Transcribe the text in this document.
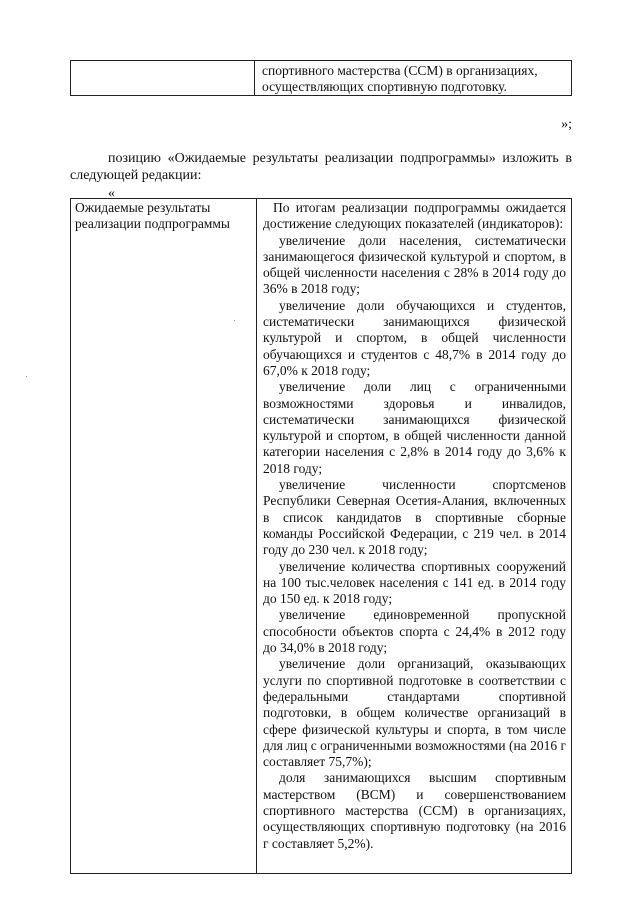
спортивного мастерства (ССМ) в организациях, осуществляющих спортивную подготовку.
»;
позицию «Ожидаемые результаты реализации подпрограммы» изложить в следующей редакции:
«
Ожидаемые результаты реализации подпрограммы

По итогам реализации подпрограммы ожидается достижение следующих показателей (индикаторов):

увеличение доли населения, систематически занимающегося физической культурой и спортом, в общей численности населения с 28% в 2014 году до 36% в 2018 году;

увеличение доли обучающихся и студентов, систематически занимающихся физической культурой и спортом, в общей численности обучающихся и студентов с 48,7% в 2014 году до 67,0% к 2018 году;

увеличение доли лиц с ограниченными возможностями здоровья и инвалидов, систематически занимающихся физической культурой и спортом, в общей численности данной категории населения с 2,8% в 2014 году до 3,6% к 2018 году;

увеличение численности спортсменов Республики Северная Осетия-Алания, включенных в список кандидатов в спортивные сборные команды Российской Федерации, с 219 чел. в 2014 году до 230 чел. к 2018 году;

увеличение количества спортивных сооружений на 100 тыс.человек населения с 141 ед. в 2014 году до 150 ед. к 2018 году;

увеличение единовременной пропускной способности объектов спорта с 24,4% в 2012 году до 34,0% в 2018 году;

увеличение доли организаций, оказывающих услуги по спортивной подготовке в соответствии с федеральными стандартами спортивной подготовки, в общем количестве организаций в сфере физической культуры и спорта, в том числе для лиц с ограниченными возможностями (на 2016 г составляет 75,7%);

доля занимающихся высшим спортивным мастерством (ВСМ) и совершенствованием спортивного мастерства (ССМ) в организациях, осуществляющих спортивную подготовку (на 2016 г составляет 5,2%).
